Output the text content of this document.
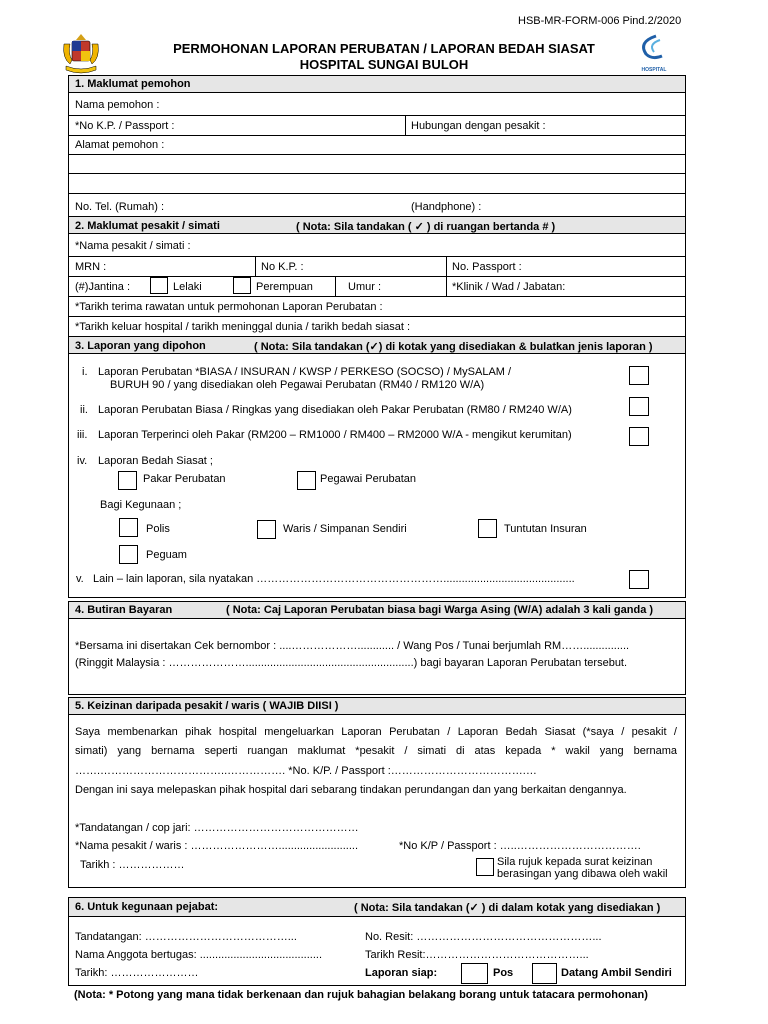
HSB-MR-FORM-006 Pind.2/2020
PERMOHONAN LAPORAN PERUBATAN / LAPORAN BEDAH SIASAT
HOSPITAL SUNGAI BULOH	HOSPITAL
1. Maklumat pemohon
Nama pemohon :
*No K.P. / Passport :	Hubungan dengan pesakit :
Alamat pemohon :
No. Tel. (Rumah) :	(Handphone) :
2. Maklumat pesakit / simati	( Nota: Sila tandakan ( ✓ ) di ruangan bertanda # )
*Nama pesakit / simati :
MRN :	No K.P. :	No. Passport :
(#)Jantina :	Lelaki	Perempuan	Umur :	*Klinik / Wad / Jabatan:
*Tarikh terima rawatan untuk permohonan Laporan Perubatan :
*Tarikh keluar hospital / tarikh meninggal dunia / tarikh bedah siasat :
3. Laporan yang dipohon	( Nota: Sila tandakan (✓) di kotak yang disediakan & bulatkan jenis laporan )
i. Laporan Perubatan *BIASA / INSURAN / KWSP / PERKESO (SOCSO) / MySALAM /
BURUH 90 / yang disediakan oleh Pegawai Perubatan (RM40 / RM120 W/A)
ii. Laporan Perubatan Biasa / Ringkas yang disediakan oleh Pakar Perubatan (RM80 / RM240 W/A)
iii. Laporan Terperinci oleh Pakar (RM200 – RM1000 / RM400 – RM2000 W/A - mengikut kerumitan)
iv. Laporan Bedah Siasat ;
Pakar Perubatan	Pegawai Perubatan
Bagi Kegunaan ;
Polis	Waris / Simpanan Sendiri	Tuntutan Insuran
Peguam
v. Lain – lain laporan, sila nyatakan ……………………………………………...........................................
4. Butiran Bayaran	( Nota: Caj Laporan Perubatan biasa bagi Warga Asing (W/A) adalah 3 kali ganda )
*Bersama ini disertakan Cek bernombor : ....………………............ / Wang Pos / Tunai berjumlah RM……...............
(Ringgit Malaysia : ………………….......................................................) bagi bayaran Laporan Perubatan tersebut.
5. Keizinan daripada pesakit / waris ( WAJIB DIISI )
Saya membenarkan pihak hospital mengeluarkan Laporan Perubatan / Laporan Bedah Siasat (*saya / pesakit /
simati) yang bernama seperti ruangan maklumat *pesakit / simati di atas kepada * wakil yang bernama
…….……………………………..……………. *No. K/P. / Passport :……………………………….…
Dengan ini saya melepaskan pihak hospital dari sebarang tindakan perundangan dan yang berkaitan dengannya.
*Tandatangan / cop jari: ………………………………………
*Nama pesakit / waris : ……………………..........................	*No K/P / Passport : …..…………………………….
Tarikh : ………………	Sila rujuk kepada surat keizinan
berasingan yang dibawa oleh wakil
6. Untuk kegunaan pejabat:	( Nota: Sila tandakan (✓ ) di dalam kotak yang disediakan )
Tandatangan: …………………………………...	No. Resit: …………………………………………...
Nama Anggota bertugas: ........................................	Tarikh Resit:……………………………………...
Tarikh: ……………………	Laporan siap:	Pos	Datang Ambil Sendiri
(Nota: * Potong yang mana tidak berkenaan dan rujuk bahagian belakang borang untuk tatacara permohonan)
